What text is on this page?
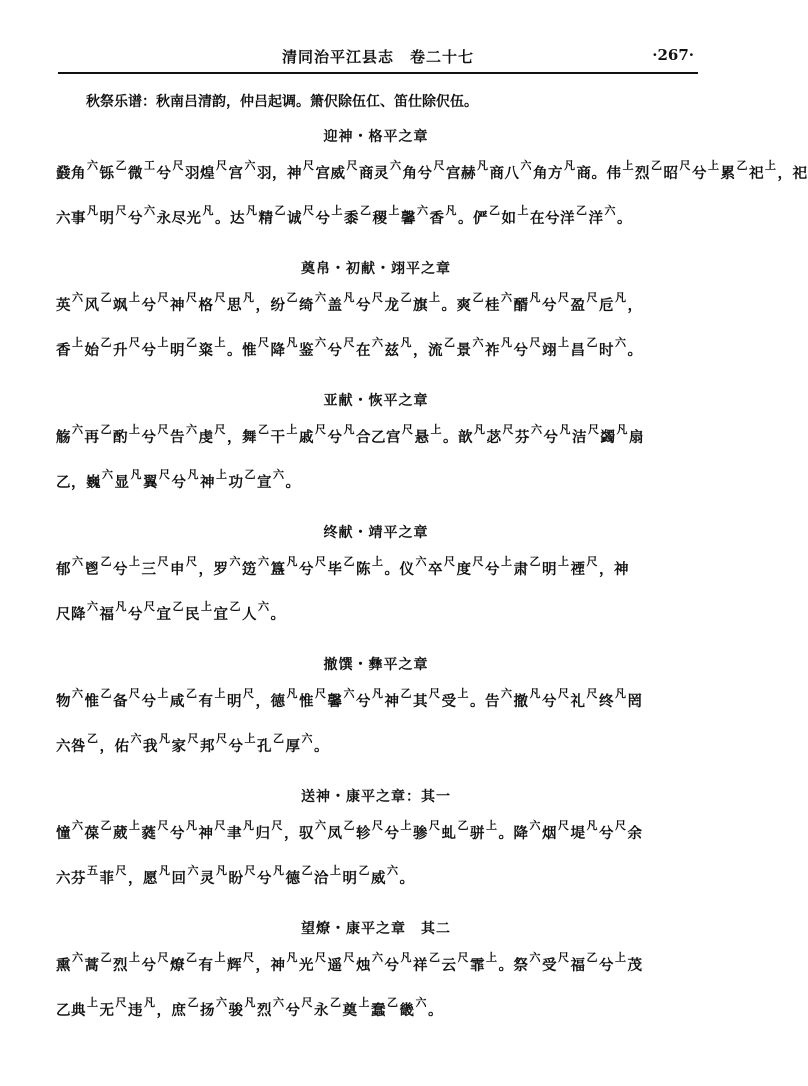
清同治平江县志　卷二十七	·267·
秋祭乐谱：秋南吕清韵，仲吕起调。箫伬除伍仜、笛仕除伬伍。
迎神・格平之章
鼗角六铄乙微工兮尺羽煌尺宫六羽，神尺宫威尺商灵六角兮尺宫赫凡商八六角方凡商。伟上烈乙昭尺兮上累乙祀上，祀
六事凡明尺兮六永尽光凡。达凡精乙诚尺兮上黍乙稷上馨六香凡。俨乙如上在兮洋乙洋六。
奠帛・初献・翊平之章
英六风乙飒上兮尺神尺格尺思凡，纷乙绮六盖凡兮尺龙乙旗上。爽乙桂六醑凡兮尺盈尺卮凡，
香上始乙升尺兮上明乙粢上。惟尺降凡鉴六兮尺在六兹凡，流乙景六祚凡兮尺翊上昌乙时六。
亚献・恢平之章
觞六再乙酌上兮尺告六虔尺，舞乙干上戚尺兮凡合乙宫尺悬上。歆凡苾尺芬六兮凡洁尺蠲凡扇
乙，巍六显凡翼尺兮凡神上功乙宣六。
终献・靖平之章
郁六鬯乙兮上三尺申尺，罗六笾六簋凡兮尺毕乙陈上。仪六卒尺度尺兮上肃乙明上禋尺，神
尺降六福凡兮尺宜乙民上宜乙人六。
撤馔・彝平之章
物六惟乙备尺兮上咸乙有上明尺，德凡惟尺馨六兮凡神乙其尺受上。告六撤凡兮尺礼尺终凡罔
六咎乙，佑六我凡家尺邦尺兮上孔乙厚六。
送神・康平之章：其一
憧六葆乙葳上蕤尺兮凡神尺聿凡归尺，驭六凤乙轸尺兮上骖尺虬乙骈上。降六烟尺堤凡兮尺余
六芬五菲尺，愿凡回六灵凡盼尺兮凡德乙洽上明乙威六。
望燎・康平之章　其二
熏六蒿乙烈上兮尺燎乙有上辉尺，神凡光尺遥尺烛六兮凡祥乙云尺霏上。祭六受尺福乙兮上茂
乙典上无尺违凡，庶乙扬六骏凡烈六兮尺永乙奠上蠢乙畿六。
